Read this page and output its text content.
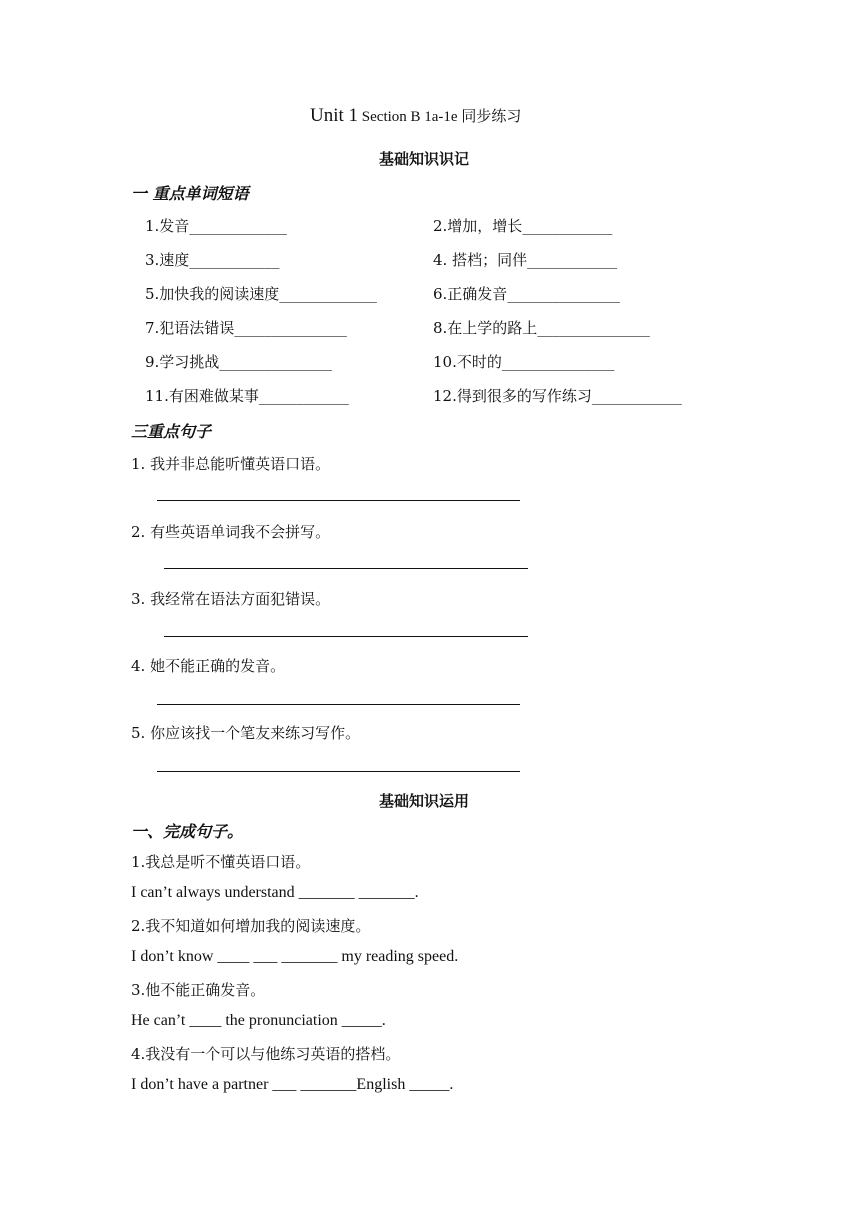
Unit 1 Section B 1a-1e 同步练习
基础知识识记
一 重点单词短语
1.发音_____________	2.增加，增长____________
3.速度____________	4. 搭档；同伴____________
5.加快我的阅读速度_____________	6.正确发音_______________
7.犯语法错误_______________	8.在上学的路上_______________
9.学习挑战_______________	10.不时的_______________
11.有困难做某事____________	12.得到很多的写作练习____________
三重点句子
1. 我并非总能听懂英语口语。
2. 有些英语单词我不会拼写。
3. 我经常在语法方面犯错误。
4. 她不能正确的发音。
5. 你应该找一个笔友来练习写作。
基础知识运用
一、完成句子。
1.我总是听不懂英语口语。
I can’t always understand _______ _______.
2.我不知道如何增加我的阅读速度。
I don’t know ____ ___ _______ my reading speed.
3.他不能正确发音。
He can’t ____ the pronunciation _____.
4.我没有一个可以与他练习英语的搭档。
I don’t have a partner ___ _______English _____.
